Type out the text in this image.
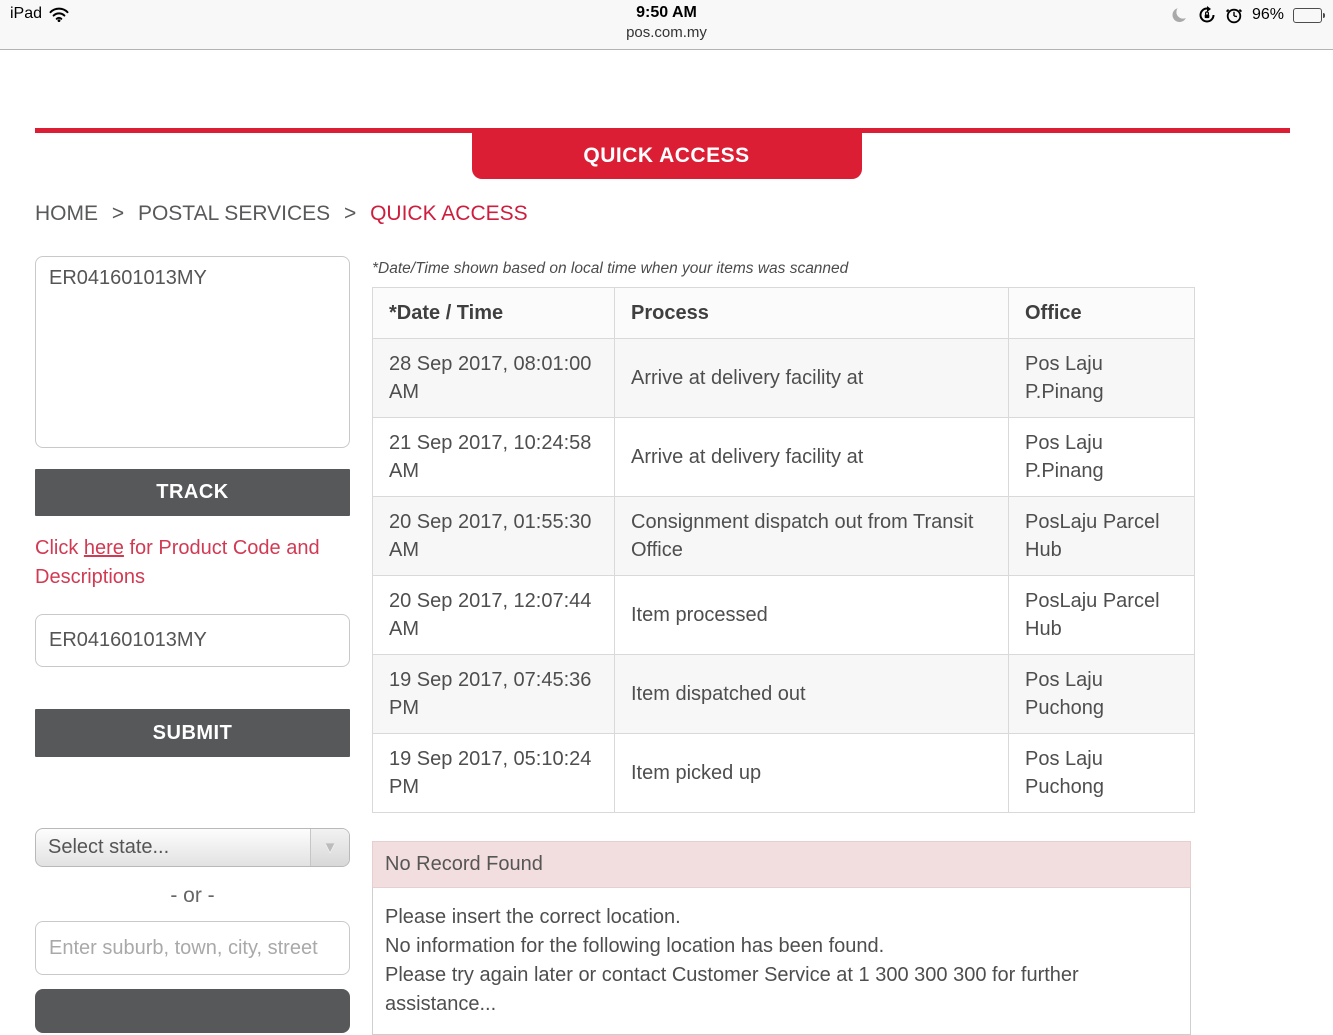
iPad	9:50 AM
pos.com.my
96%
QUICK ACCESS
HOME > POSTAL SERVICES > QUICK ACCESS
ER041601013MY
TRACK

Click here for Product Code and Descriptions

ER041601013MY
SUBMIT
Select state...	▼
- or -
Enter suburb, town, city, street
*Date/Time shown based on local time when your items was scanned
*Date / Time	Process	Office
28 Sep 2017, 08:01:00 AM	Arrive at delivery facility at	Pos Laju P.Pinang
21 Sep 2017, 10:24:58 AM	Arrive at delivery facility at	Pos Laju P.Pinang
20 Sep 2017, 01:55:30 AM	Consignment dispatch out from Transit Office	PosLaju Parcel Hub
20 Sep 2017, 12:07:44 AM	Item processed	PosLaju Parcel Hub
19 Sep 2017, 07:45:36 PM	Item dispatched out	Pos Laju Puchong
19 Sep 2017, 05:10:24 PM	Item picked up	Pos Laju Puchong
No Record Found
Please insert the correct location.
No information for the following location has been found.
Please try again later or contact Customer Service at 1 300 300 300 for further
assistance...
